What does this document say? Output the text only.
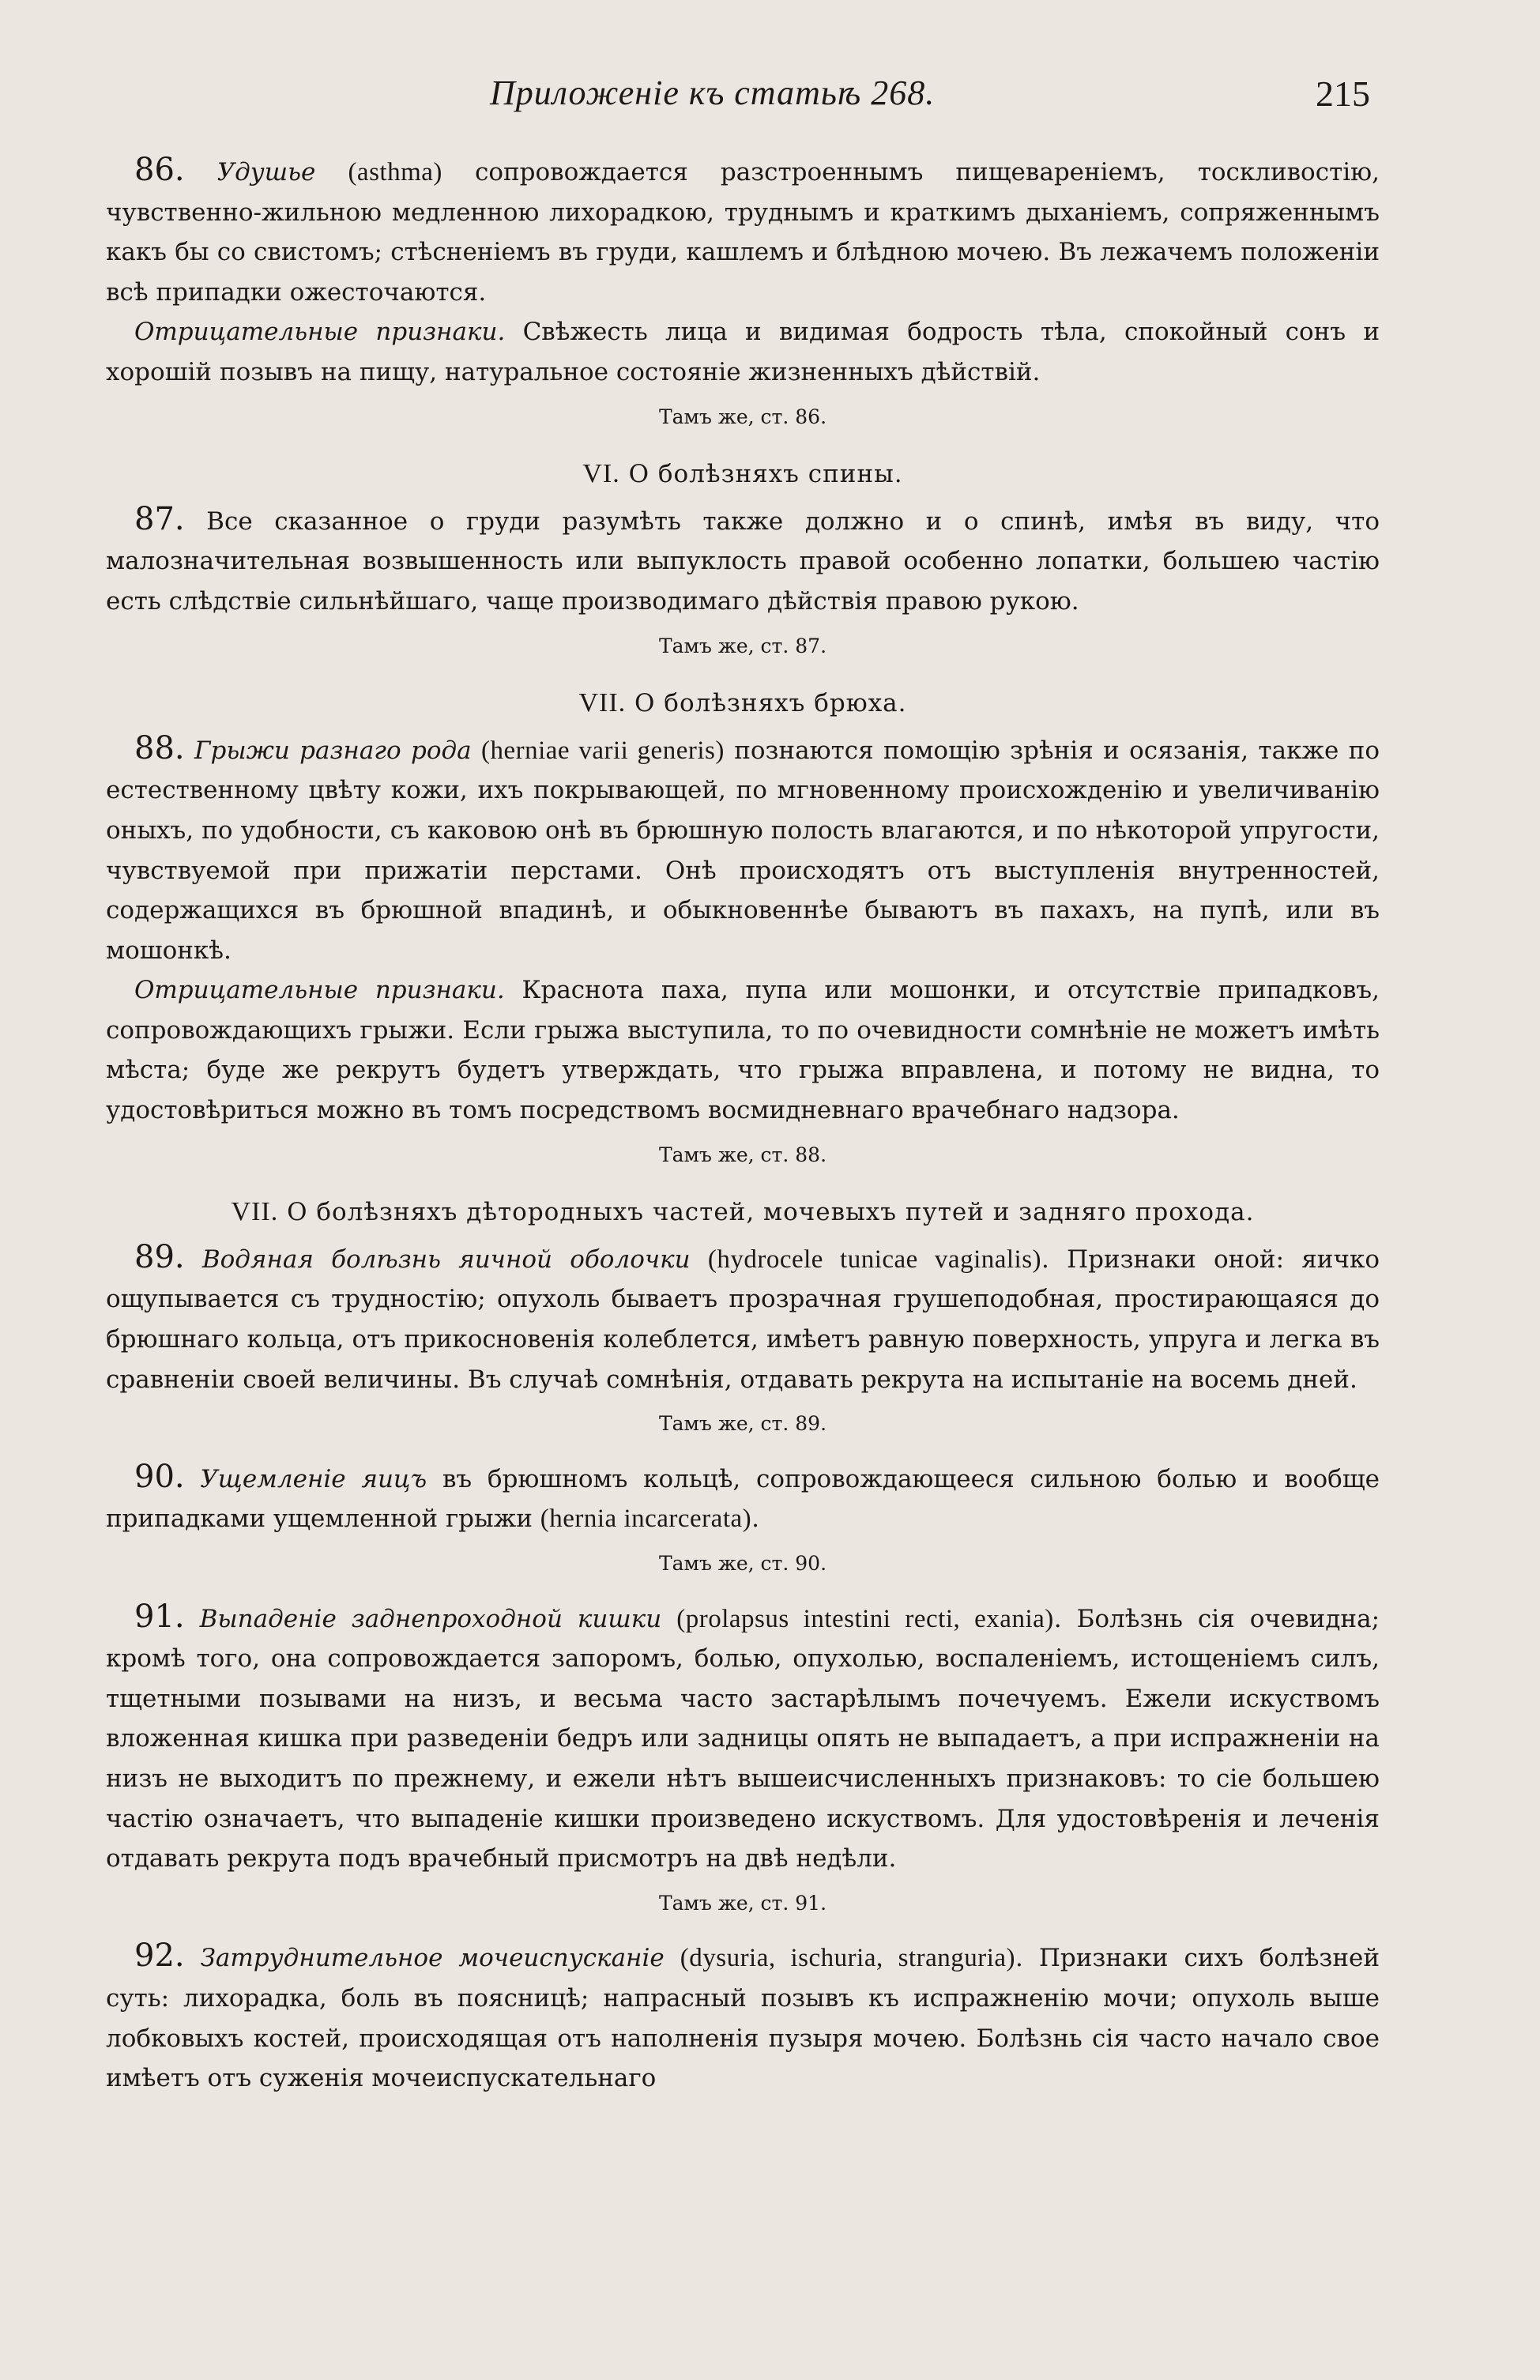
Приложеніе къ статьѣ 268.	215

86. Удушье (asthma) сопровождается разстроеннымъ пищевареніемъ, тоскливостію, чувственно-жильною медленною лихорадкою, труднымъ и краткимъ дыханіемъ, сопряженнымъ какъ бы со свистомъ; стѣсненіемъ въ груди, кашлемъ и блѣдною мочею. Въ лежачемъ положеніи всѣ припадки ожесточаются.

Отрицательные признаки. Свѣжесть лица и видимая бодрость тѣла, спокойный сонъ и хорошій позывъ на пищу, натуральное состояніе жизненныхъ дѣйствій.

Тамъ же, ст. 86.

VI. О болѣзняхъ спины.

87. Все сказанное о груди разумѣть также должно и о спинѣ, имѣя въ виду, что малозначительная возвышенность или выпуклость правой особенно лопатки, большею частію есть слѣдствіе сильнѣйшаго, чаще производимаго дѣйствія правою рукою.

Тамъ же, ст. 87.

VII. О болѣзняхъ брюха.

88. Грыжи разнаго рода (herniae varii generis) познаются помощію зрѣнія и осязанія, также по естественному цвѣту кожи, ихъ покрывающей, по мгновенному происхожденію и увеличиванію оныхъ, по удобности, съ каковою онѣ въ брюшную полость влагаются, и по нѣкоторой упругости, чувствуемой при прижатіи перстами. Онѣ происходятъ отъ выступленія внутренностей, содержащихся въ брюшной впадинѣ, и обыкновеннѣе бываютъ въ пахахъ, на пупѣ, или въ мошонкѣ.

Отрицательные признаки. Краснота паха, пупа или мошонки, и отсутствіе припадковъ, сопровождающихъ грыжи. Если грыжа выступила, то по очевидности сомнѣніе не можетъ имѣть мѣста; буде же рекрутъ будетъ утверждать, что грыжа вправлена, и потому не видна, то удостовѣриться можно въ томъ посредствомъ восмидневнаго врачебнаго надзора.

Тамъ же, ст. 88.

VII. О болѣзняхъ дѣтородныхъ частей, мочевыхъ путей и задняго прохода.

89. Водяная болѣзнь яичной оболочки (hydrocele tunicae vaginalis). Признаки оной: яичко ощупывается съ трудностію; опухоль бываетъ прозрачная грушеподобная, простирающаяся до брюшнаго кольца, отъ прикосновенія колеблется, имѣетъ равную поверхность, упруга и легка въ сравненіи своей величины. Въ случаѣ сомнѣнія, отдавать рекрута на испытаніе на восемь дней.

Тамъ же, ст. 89.

90. Ущемленіе яицъ въ брюшномъ кольцѣ, сопровождающееся сильною болью и вообще припадками ущемленной грыжи (hernia incarcerata).

Тамъ же, ст. 90.

91. Выпаденіе заднепроходной кишки (prolapsus intestini recti, exania). Болѣзнь сія очевидна; кромѣ того, она сопровождается запоромъ, болью, опухолью, воспаленіемъ, истощеніемъ силъ, тщетными позывами на низъ, и весьма часто застарѣлымъ почечуемъ. Ежели искуствомъ вложенная кишка при разведеніи бедръ или задницы опять не выпадаетъ, а при испражненіи на низъ не выходитъ по прежнему, и ежели нѣтъ вышеисчисленныхъ признаковъ: то сіе большею частію означаетъ, что выпаденіе кишки произведено искуствомъ. Для удостовѣренія и леченія отдавать рекрута подъ врачебный присмотръ на двѣ недѣли.

Тамъ же, ст. 91.

92. Затруднительное мочеиспусканіе (dysuria, ischuria, stranguria). Признаки сихъ болѣзней суть: лихорадка, боль въ поясницѣ; напрасный позывъ къ испражненію мочи; опухоль выше лобковыхъ костей, происходящая отъ наполненія пузыря мочею. Болѣзнь сія часто начало свое имѣетъ отъ суженія мочеиспускательнаго
